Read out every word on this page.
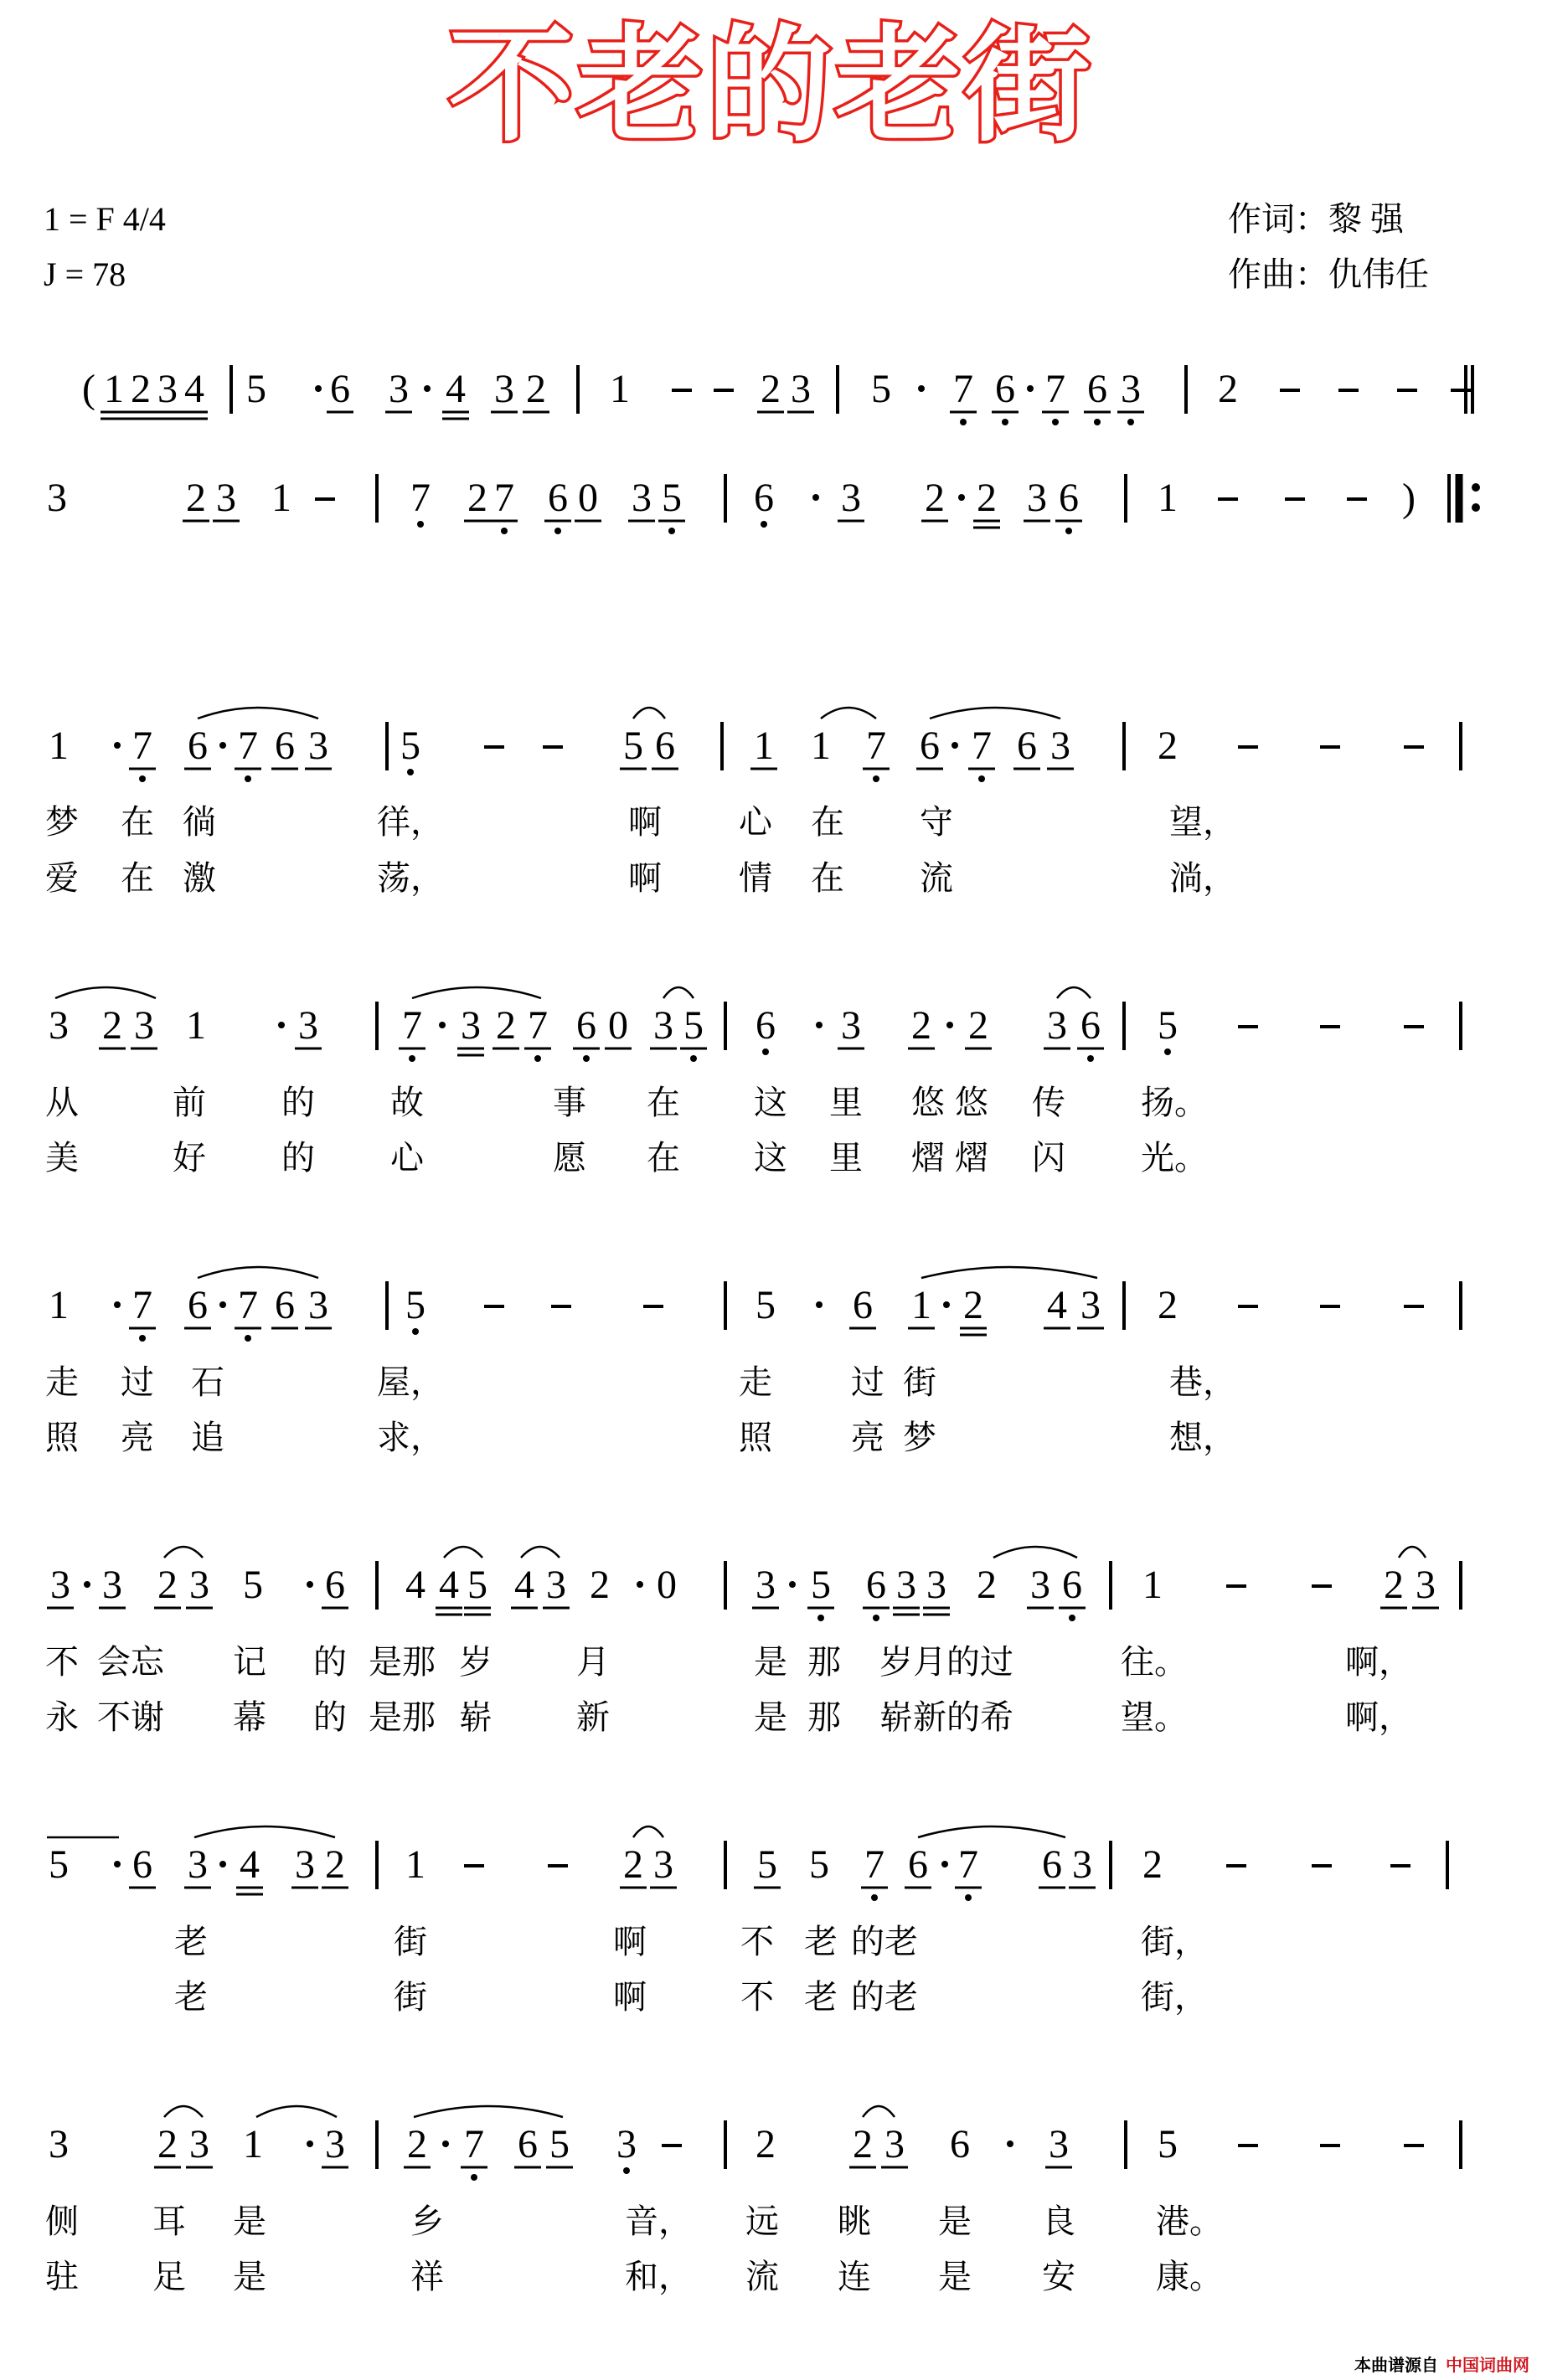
不老的老街
1 = F 4/4
J = 78
作词：黎 强
作曲：仇伟任
( 1 2 3 4 5 6 3 4 3 2 1	2 3 5 7 6 7 6 3 2
3	2 3 1	7 2 7 6 0 3 5 6 3 2 2 3 6 1	)
1 7 6 7 6 3 5	5 6 1 1 7 6 7 6 3 2
梦 在 徜	徉，	啊 心 在 守	望，
爱 在 激	荡，	啊 情 在 流	淌，
3 2 3 1 3 7 3 2 7 6 0 3 5 6 3 2 2 3 6 5
从	前 的 故	事 在 这 里 悠 悠 传 扬。
美	好 的 心	愿 在 这 里 熠 熠 闪 光。
1 7 6 7 6 3 5	5 6 1 2 4 3 2
走 过 石	屋，	走 过 街	巷，
照 亮 追	求，	照 亮 梦	想，
3 3 2 3 5 6 4 4 5 4 3 2 0 3 5 6 3 3 2 3 6 1	2 3
不 会忘 记 的 是那 岁	月	是 那 岁月的过	往。	啊，
永 不谢 幕 的 是那 崭	新	是 那 崭新的希	望。	啊，
5 6 3 4 3 2 1	2 3 5 5 7 6 7 6 3 2
老	街	啊	不 老 的老	街，
老	街	啊	不 老 的老	街，
3 2 3 1 3 2 7 6 5 3	2 2 3 6 3 5
侧 耳 是	乡	音， 远 眺 是 良 港。
驻 足 是	祥	和， 流 连 是 安 康。
本曲谱源自 中国词曲网
